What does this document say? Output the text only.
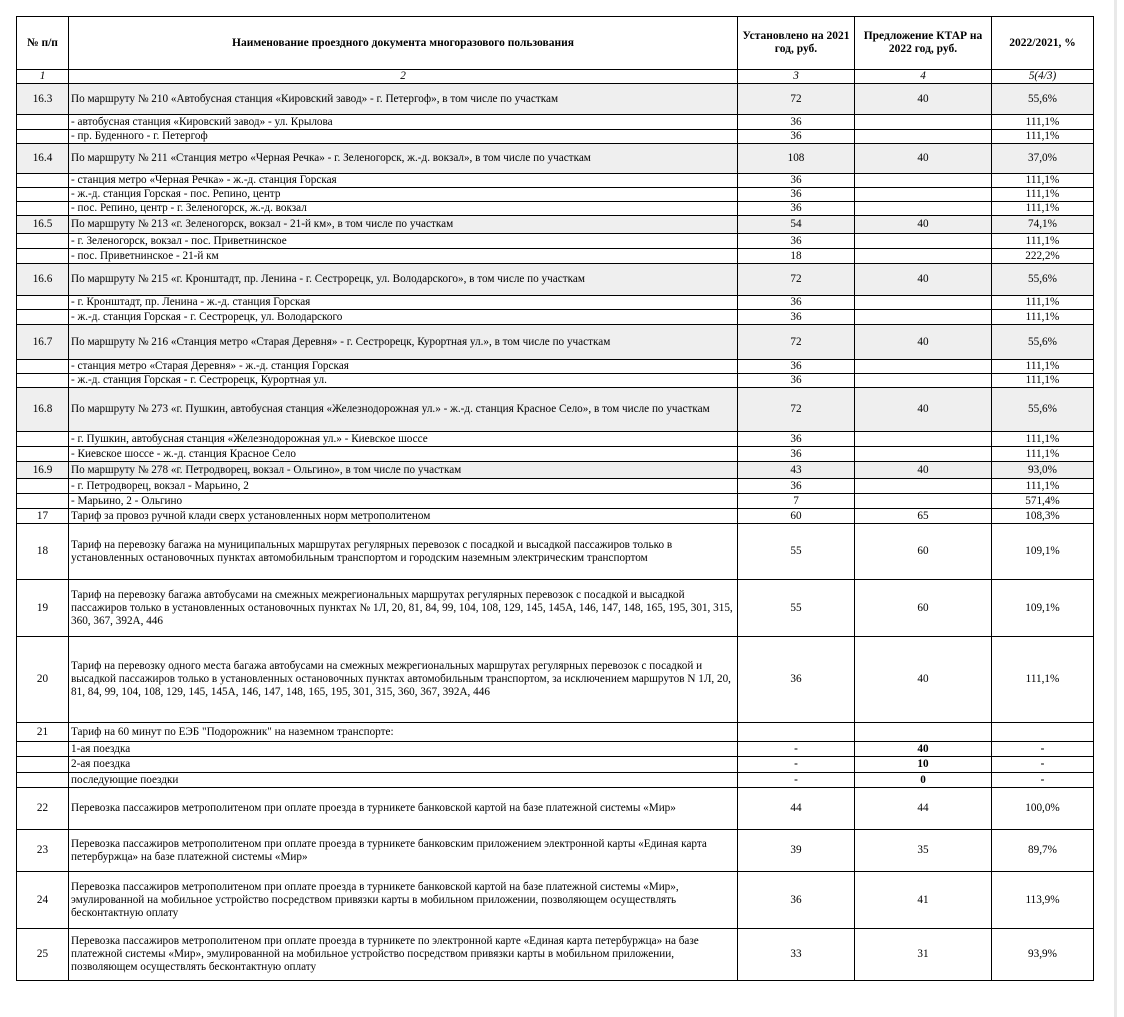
№ п/п	Наименование проездного документа многоразового пользования	Установлено на 2021 год, руб.	Предложение КТАР на 2022 год, руб.	2022/2021, %
1	2	3	4	5(4/3)
16.3	По маршруту № 210 «Автобусная станция «Кировский завод» - г. Петергоф», в том числе по участкам	72	40	55,6%
	- автобусная станция «Кировский завод» - ул. Крылова	36		111,1%
	- пр. Буденного - г. Петергоф	36		111,1%
16.4	По маршруту № 211 «Станция метро «Черная Речка» - г. Зеленогорск, ж.-д. вокзал», в том числе по участкам	108	40	37,0%
	- станция метро «Черная Речка» - ж.-д. станция Горская	36		111,1%
	- ж.-д. станция Горская - пос. Репино, центр	36		111,1%
	- пос. Репино, центр - г. Зеленогорск, ж.-д. вокзал	36		111,1%
16.5	По маршруту № 213 «г. Зеленогорск, вокзал - 21-й км», в том числе по участкам	54	40	74,1%
	- г. Зеленогорск, вокзал - пос. Приветнинское	36		111,1%
	- пос. Приветнинское - 21-й км	18		222,2%
16.6	По маршруту № 215 «г. Кронштадт, пр. Ленина - г. Сестрорецк, ул. Володарского», в том числе по участкам	72	40	55,6%
	- г. Кронштадт, пр. Ленина - ж.-д. станция Горская	36		111,1%
	- ж.-д. станция Горская - г. Сестрорецк, ул. Володарского	36		111,1%
16.7	По маршруту № 216 «Станция метро «Старая Деревня» - г. Сестрорецк, Курортная ул.», в том числе по участкам	72	40	55,6%
	- станция метро «Старая Деревня» - ж.-д. станция Горская	36		111,1%
	- ж.-д. станция Горская - г. Сестрорецк, Курортная ул.	36		111,1%
16.8	По маршруту № 273 «г. Пушкин, автобусная станция «Железнодорожная ул.» - ж.-д. станция Красное Село», в том числе по участкам	72	40	55,6%
	- г. Пушкин, автобусная станция «Железнодорожная ул.» - Киевское шоссе	36		111,1%
	- Киевское шоссе - ж.-д. станция Красное Село	36		111,1%
16.9	По маршруту № 278 «г. Петродворец, вокзал - Ольгино», в том числе по участкам	43	40	93,0%
	- г. Петродворец, вокзал - Марьино, 2	36		111,1%
	- Марьино, 2 - Ольгино	7		571,4%
17	Тариф за провоз ручной клади сверх установленных норм метрополитеном	60	65	108,3%
18	Тариф на перевозку багажа на муниципальных маршрутах регулярных перевозок с посадкой и высадкой пассажиров только в установленных остановочных пунктах автомобильным транспортом и городским наземным электрическим транспортом	55	60	109,1%
19	Тариф на перевозку багажа автобусами на смежных межрегиональных маршрутах регулярных перевозок с посадкой и высадкой пассажиров только в установленных остановочных пунктах № 1Л, 20, 81, 84, 99, 104, 108, 129, 145, 145А, 146, 147, 148, 165, 195, 301, 315, 360, 367, 392А, 446	55	60	109,1%
20	Тариф на перевозку одного места багажа автобусами на смежных межрегиональных маршрутах регулярных перевозок с посадкой и высадкой пассажиров только в установленных остановочных пунктах автомобильным транспортом, за исключением маршрутов N 1Л, 20, 81, 84, 99, 104, 108, 129, 145, 145А, 146, 147, 148, 165, 195, 301, 315, 360, 367, 392А, 446	36	40	111,1%
21	Тариф на 60 минут по ЕЭБ "Подорожник" на наземном транспорте:			
	1-ая поездка	-	40	-
	2-ая поездка	-	10	-
	последующие поездки	-	0	-
22	Перевозка пассажиров метрополитеном при оплате проезда в турникете банковской картой на базе платежной системы «Мир»	44	44	100,0%
23	Перевозка пассажиров метрополитеном при оплате проезда в турникете банковским приложением электронной карты «Единая карта петербуржца» на базе платежной системы «Мир»	39	35	89,7%
24	Перевозка пассажиров метрополитеном при оплате проезда в турникете банковской картой на базе платежной системы «Мир», эмулированной на мобильное устройство посредством привязки карты в мобильном приложении, позволяющем осуществлять бесконтактную оплату	36	41	113,9%
25	Перевозка пассажиров метрополитеном при оплате проезда в турникете по электронной карте «Единая карта петербуржца» на базе платежной системы «Мир», эмулированной на мобильное устройство посредством привязки карты в мобильном приложении, позволяющем осуществлять бесконтактную оплату	33	31	93,9%
